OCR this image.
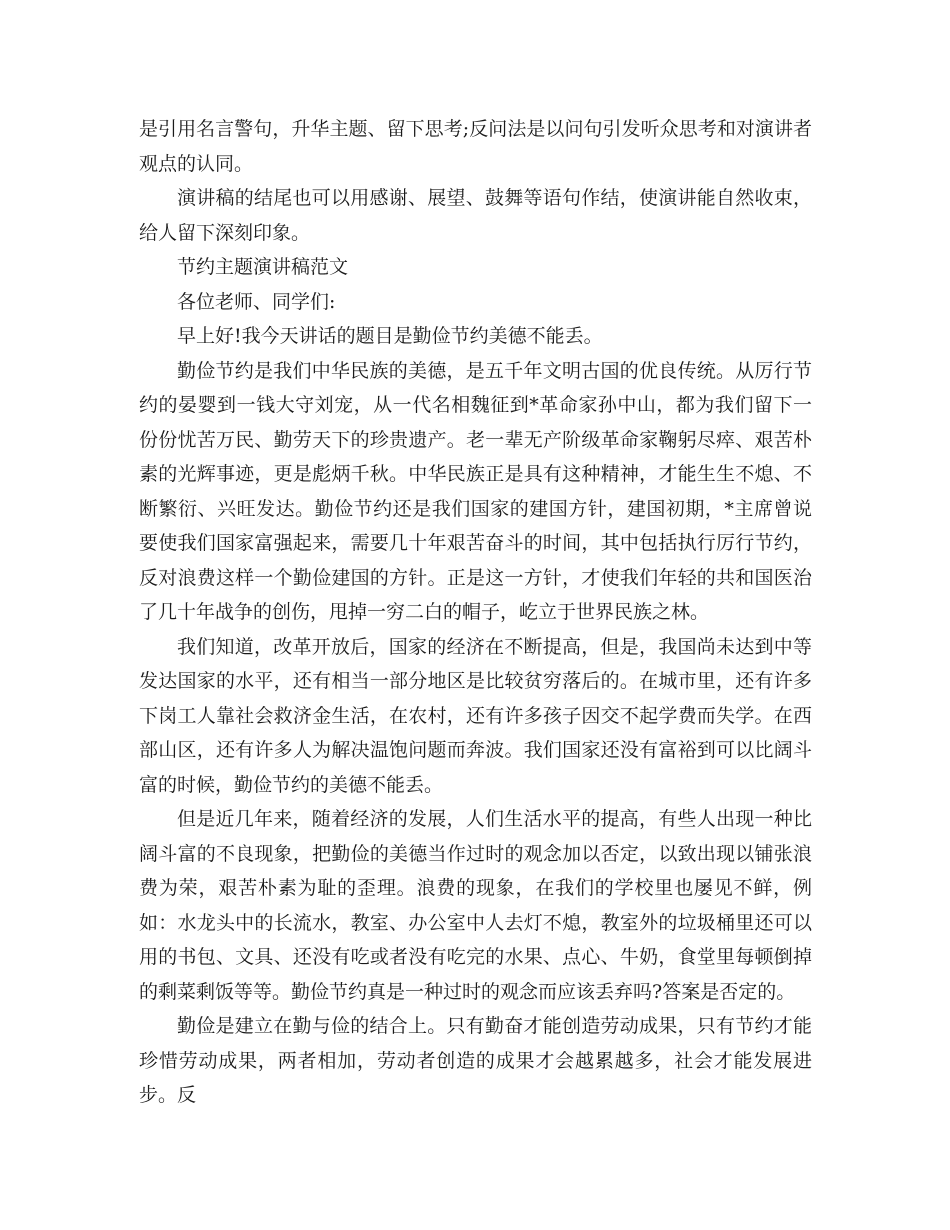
是引用名言警句，升华主题、留下思考;反问法是以问句引发听众思考和对演讲者观点的认同。

演讲稿的结尾也可以用感谢、展望、鼓舞等语句作结，使演讲能自然收束，给人留下深刻印象。

节约主题演讲稿范文

各位老师、同学们:

早上好!我今天讲话的题目是勤俭节约美德不能丢。

勤俭节约是我们中华民族的美德，是五千年文明古国的优良传统。从厉行节约的晏婴到一钱大守刘宠，从一代名相魏征到*革命家孙中山，都为我们留下一份份忧苦万民、勤劳天下的珍贵遗产。老一辈无产阶级革命家鞠躬尽瘁、艰苦朴素的光辉事迹，更是彪炳千秋。中华民族正是具有这种精神，才能生生不熄、不断繁衍、兴旺发达。勤俭节约还是我们国家的建国方针，建国初期，*主席曾说要使我们国家富强起来，需要几十年艰苦奋斗的时间，其中包括执行厉行节约，反对浪费这样一个勤俭建国的方针。正是这一方针，才使我们年轻的共和国医治了几十年战争的创伤，甩掉一穷二白的帽子，屹立于世界民族之林。

我们知道，改革开放后，国家的经济在不断提高，但是，我国尚未达到中等发达国家的水平，还有相当一部分地区是比较贫穷落后的。在城市里，还有许多下岗工人靠社会救济金生活，在农村，还有许多孩子因交不起学费而失学。在西部山区，还有许多人为解决温饱问题而奔波。我们国家还没有富裕到可以比阔斗富的时候，勤俭节约的美德不能丢。

但是近几年来，随着经济的发展，人们生活水平的提高，有些人出现一种比阔斗富的不良现象，把勤俭的美德当作过时的观念加以否定，以致出现以铺张浪费为荣，艰苦朴素为耻的歪理。浪费的现象，在我们的学校里也屡见不鲜，例如：水龙头中的长流水，教室、办公室中人去灯不熄，教室外的垃圾桶里还可以用的书包、文具、还没有吃或者没有吃完的水果、点心、牛奶，食堂里每顿倒掉的剩菜剩饭等等。勤俭节约真是一种过时的观念而应该丢弃吗?答案是否定的。

勤俭是建立在勤与俭的结合上。只有勤奋才能创造劳动成果，只有节约才能珍惜劳动成果，两者相加，劳动者创造的成果才会越累越多，社会才能发展进步。反
